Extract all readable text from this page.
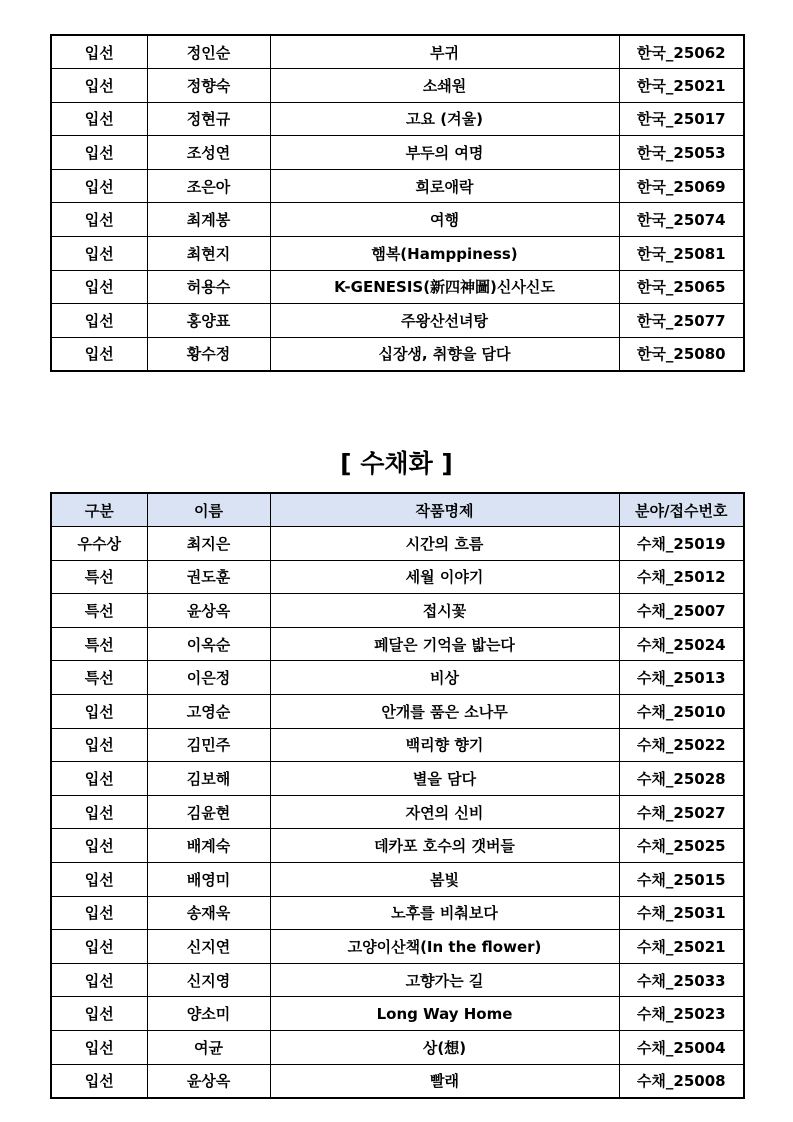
입선	정인순	부귀	한국_25062
입선	정향숙	소쇄원	한국_25021
입선	정현규	고요 (겨울)	한국_25017
입선	조성연	부두의 여명	한국_25053
입선	조은아	희로애락	한국_25069
입선	최계봉	여행	한국_25074
입선	최현지	햄복(Hamppiness)	한국_25081
입선	허용수	K-GENESIS(新四神圖)신사신도	한국_25065
입선	홍양표	주왕산선녀탕	한국_25077
입선	황수정	십장생, 취향을 담다	한국_25080
[ 수채화 ]
구분	이름	작품명제	분야/접수번호
우수상	최지은	시간의 흐름	수채_25019
특선	권도훈	세월 이야기	수채_25012
특선	윤상옥	접시꽃	수채_25007
특선	이옥순	페달은 기억을 밟는다	수채_25024
특선	이은정	비상	수채_25013
입선	고영순	안개를 품은 소나무	수채_25010
입선	김민주	백리향 향기	수채_25022
입선	김보해	별을 담다	수채_25028
입선	김윤현	자연의 신비	수채_25027
입선	배계숙	데카포 호수의 갯버들	수채_25025
입선	배영미	봄빛	수채_25015
입선	송재욱	노후를 비춰보다	수채_25031
입선	신지연	고양이산책(In the flower)	수채_25021
입선	신지영	고향가는 길	수채_25033
입선	양소미	Long Way Home	수채_25023
입선	여균	상(想)	수채_25004
입선	윤상옥	빨래	수채_25008
